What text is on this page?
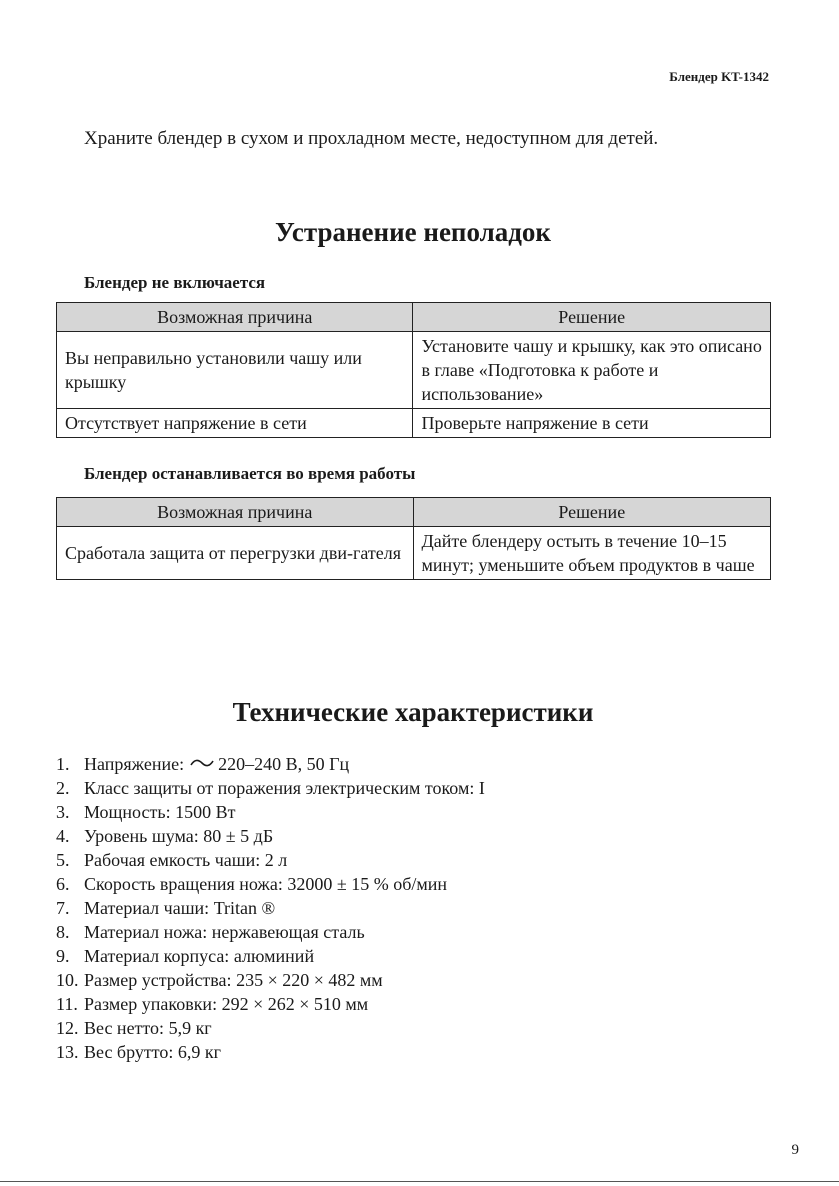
Блендер KT-1342
Храните блендер в сухом и прохладном месте, недоступном для детей.
Устранение неполадок
Блендер не включается
Возможная причина	Решение
Вы неправильно установили чашу или крышку	Установите чашу и крышку, как это описано в главе «Подготовка к работе и использование»
Отсутствует напряжение в сети	Проверьте напряжение в сети
Блендер останавливается во время работы
Возможная причина	Решение
Сработала защита от перегрузки дви-гателя	Дайте блендеру остыть в течение 10–15 минут; уменьшите объем продуктов в чаше
Технические характеристики
1. Напряжение: 220–240 В, 50 Гц
2. Класс защиты от поражения электрическим током:
I
3. Мощность:
1500 Вт
4. Уровень шума:
80 ± 5 дБ
5. Рабочая емкость чаши:
2 л
6. Скорость вращения ножа:
32000 ± 15 % об/мин
7. Материал чаши:
Tritan ®
8. Материал ножа:
нержавеющая сталь
9. Материал корпуса:
алюминий
10. Размер устройства:
235 × 220 × 482 мм
11. Размер упаковки:
292 × 262 × 510 мм
12. Вес нетто:
5,9 кг
13. Вес брутто:
6,9 кг
9
